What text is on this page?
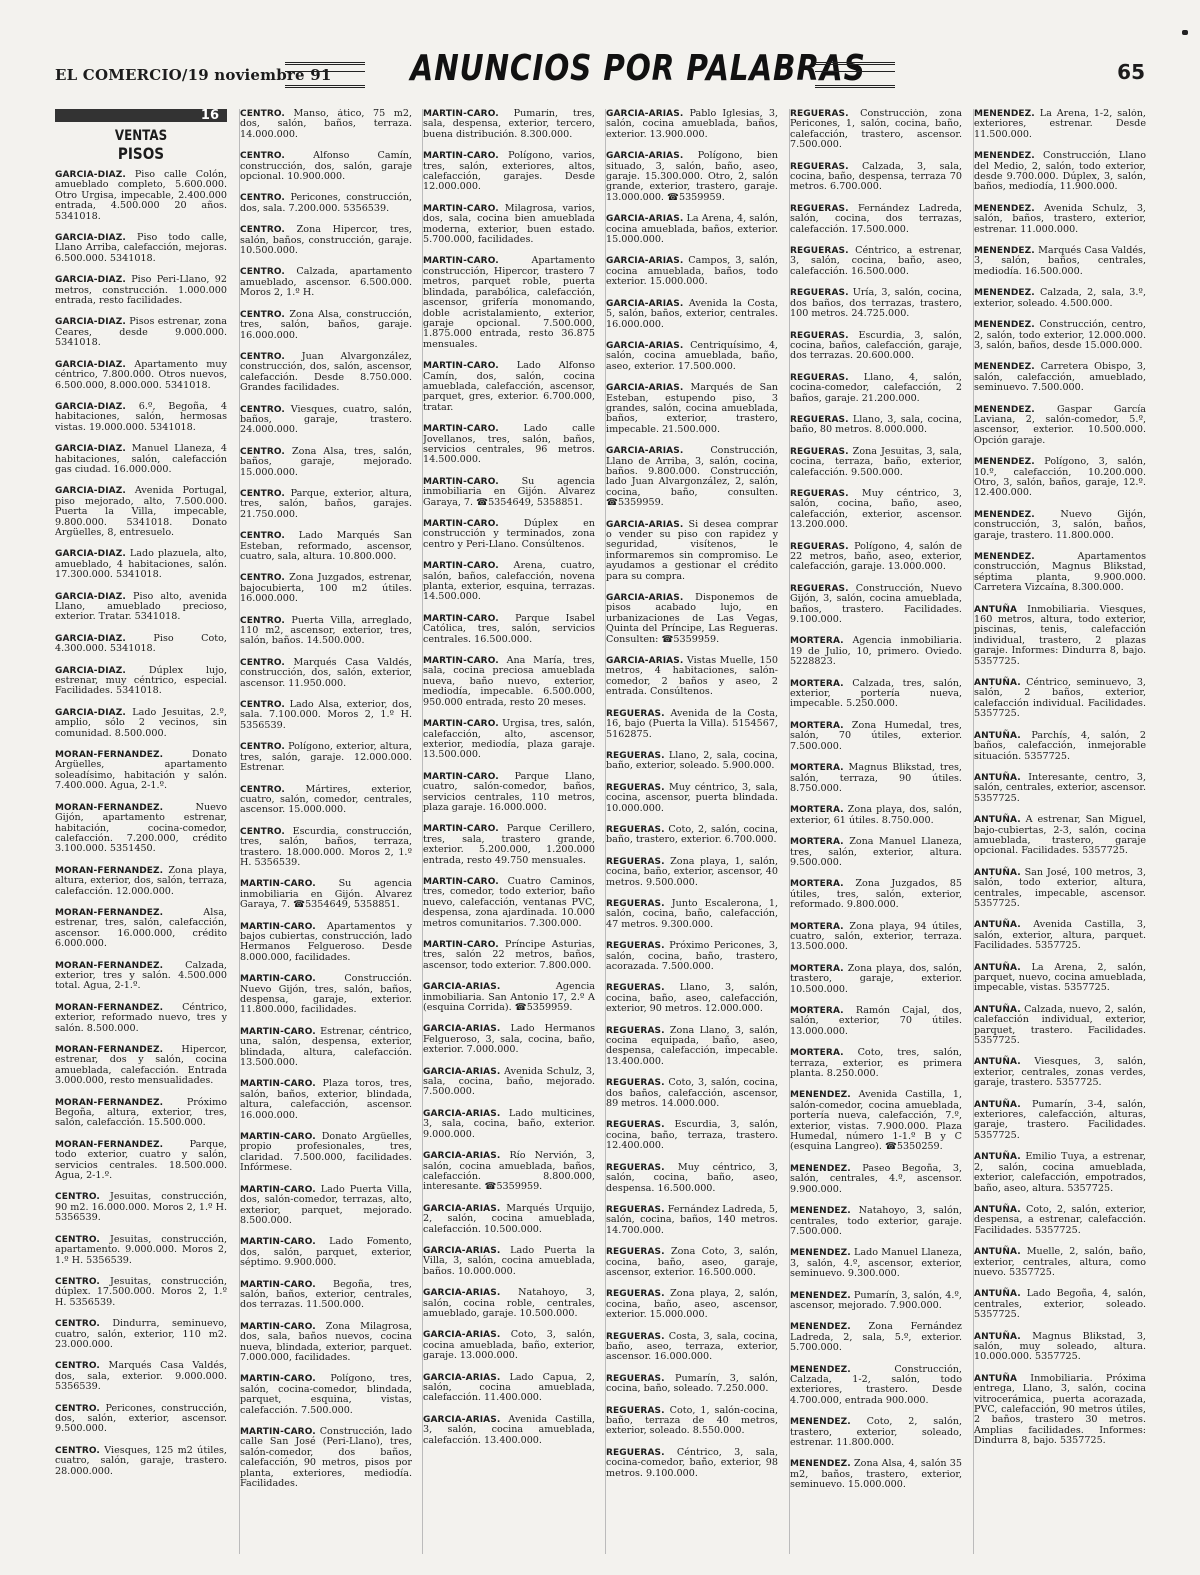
EL COMERCIO/19 noviembre 91 ANUNCIOS POR PALABRAS	65
16
VENTAS
PISOS

GARCIA-DIAZ. Piso calle Colón, amueblado completo, 5.600.000. Otro Urgisa, impecable, 2.400.000 entrada, 4.500.000 20 años. 5341018.

GARCIA-DIAZ. Piso todo calle, Llano Arriba, calefacción, mejoras. 6.500.000. 5341018.

GARCIA-DIAZ. Piso Peri-Llano, 92 metros, construcción. 1.000.000 entrada, resto facilidades.

GARCIA-DIAZ. Pisos estrenar, zona Ceares, desde 9.000.000. 5341018.

GARCIA-DIAZ. Apartamento muy céntrico, 7.800.000. Otros nuevos, 6.500.000, 8.000.000. 5341018.

GARCIA-DIAZ. 6.º, Begoña, 4 habitaciones, salón, hermosas vistas. 19.000.000. 5341018.

GARCIA-DIAZ. Manuel Llaneza, 4 habitaciones, salón, calefacción gas ciudad. 16.000.000.

GARCIA-DIAZ. Avenida Portugal, piso mejorado, alto, 7.500.000. Puerta la Villa, impecable, 9.800.000. 5341018. Donato Argüelles, 8, entresuelo.

GARCIA-DIAZ. Lado plazuela, alto, amueblado, 4 habitaciones, salón. 17.300.000. 5341018.

GARCIA-DIAZ. Piso alto, avenida Llano, amueblado precioso, exterior. Tratar. 5341018.

GARCIA-DIAZ.	Piso Coto, 4.300.000. 5341018.

GARCIA-DIAZ. Dúplex lujo, estrenar, muy céntrico, especial. Facilidades. 5341018.

GARCIA-DIAZ. Lado Jesuitas, 2.º, amplio, sólo 2 vecinos, sin comunidad. 8.500.000.

MORAN-FERNANDEZ.	Donato Argüelles, apartamento soleadísimo, habitación y salón. 7.400.000. Agua, 2-1.º.

MORAN-FERNANDEZ.	Nuevo Gijón, apartamento estrenar, habitación, cocina-comedor, calefacción. 7.200.000, crédito 3.100.000. 5351450.

MORAN-FERNANDEZ. Zona playa, altura, exterior, dos, salón, terraza, calefacción. 12.000.000.

MORAN-FERNANDEZ.	Alsa, estrenar, tres, salón, calefacción, ascensor. 16.000.000, crédito 6.000.000.

MORAN-FERNANDEZ. Calzada, exterior, tres y salón. 4.500.000 total. Agua, 2-1.º.

MORAN-FERNANDEZ. Céntrico, exterior, reformado nuevo, tres y salón. 8.500.000.

MORAN-FERNANDEZ. Hipercor, estrenar, dos y salón, cocina amueblada, calefacción. Entrada 3.000.000, resto mensualidades.

MORAN-FERNANDEZ. Próximo Begoña, altura, exterior, tres, salón, calefacción. 15.500.000.

MORAN-FERNANDEZ.	Parque, todo exterior, cuatro y salón, servicios centrales. 18.500.000. Agua, 2-1.º.

CENTRO. Jesuitas, construcción, 90 m2. 16.000.000. Moros 2, 1.º H. 5356539.

CENTRO. Jesuitas, construcción, apartamento. 9.000.000. Moros 2, 1.º H. 5356539.

CENTRO. Jesuitas, construcción, dúplex. 17.500.000. Moros 2, 1.º H. 5356539.

CENTRO. Dindurra, seminuevo, cuatro, salón, exterior, 110 m2. 23.000.000.

CENTRO. Marqués Casa Valdés, dos, sala, exterior. 9.000.000. 5356539.

CENTRO. Pericones, construcción, dos, salón, exterior, ascensor. 9.500.000.

CENTRO. Viesques, 125 m2 útiles, cuatro, salón, garaje, trastero. 28.000.000.

CENTRO. Manso, ático, 75 m2, dos, salón, baños, terraza. 14.000.000.

CENTRO.	Alfonso Camín, construcción, dos, salón, garaje opcional. 10.900.000.

CENTRO. Pericones, construcción, dos, sala. 7.200.000. 5356539.

CENTRO. Zona Hipercor, tres, salón, baños, construcción, garaje. 10.500.000.

CENTRO. Calzada, apartamento amueblado, ascensor. 6.500.000. Moros 2, 1.º H.

CENTRO. Zona Alsa, construcción, tres, salón, baños, garaje. 16.000.000.

CENTRO. Juan Alvargonzález, construcción, dos, salón, ascensor, calefacción. Desde 8.750.000. Grandes facilidades.

CENTRO. Viesques, cuatro, salón, baños, garaje, trastero. 24.000.000.

CENTRO. Zona Alsa, tres, salón, baños, garaje, mejorado. 15.000.000.

CENTRO. Parque, exterior, altura, tres, salón, baños, garajes. 21.750.000.

CENTRO. Lado Marqués San Esteban, reformado, ascensor, cuatro, sala, altura. 10.800.000.

CENTRO. Zona Juzgados, estrenar, bajocubierta, 100 m2 útiles. 16.000.000.

CENTRO. Puerta Villa, arreglado, 110 m2, ascensor, exterior, tres, salón, baños. 14.500.000.

CENTRO. Marqués Casa Valdés, construcción, dos, salón, exterior, ascensor. 11.950.000.

CENTRO. Lado Alsa, exterior, dos, sala. 7.100.000. Moros 2, 1.º H. 5356539.

CENTRO. Polígono, exterior, altura, tres, salón, garaje. 12.000.000. Estrenar.

CENTRO. Mártires, exterior, cuatro, salón, comedor, centrales, ascensor. 15.000.000.

CENTRO. Escurdia, construcción, tres, salón, baños, terraza, trastero. 18.000.000. Moros 2, 1.º H. 5356539.

MARTIN-CARO. Su agencia inmobiliaria en Gijón. Alvarez Garaya, 7. ☎5354649, 5358851.

MARTIN-CARO. Apartamentos y bajos cubiertas, construcción, lado Hermanos Felgueroso. Desde 8.000.000, facilidades.

MARTIN-CARO.	Construcción. Nuevo Gijón, tres, salón, baños, despensa, garaje, exterior. 11.800.000, facilidades.

MARTIN-CARO. Estrenar, céntrico, una, salón, despensa, exterior, blindada, altura, calefacción. 13.500.000.

MARTIN-CARO. Plaza toros, tres, salón, baños, exterior, blindada, altura, calefacción, ascensor. 16.000.000.

MARTIN-CARO. Donato Argüelles, propio profesionales, tres, claridad. 7.500.000, facilidades. Infórmese.

MARTIN-CARO. Lado Puerta Villa, dos, salón-comedor, terrazas, alto, exterior, parquet, mejorado. 8.500.000.

MARTIN-CARO. Lado Fomento, dos, salón, parquet, exterior, séptimo. 9.900.000.

MARTIN-CARO. Begoña, tres, salón, baños, exterior, centrales, dos terrazas. 11.500.000.

MARTIN-CARO. Zona Milagrosa, dos, sala, baños nuevos, cocina nueva, blindada, exterior, parquet. 7.000.000, facilidades.

MARTIN-CARO. Polígono, tres, salón, cocina-comedor, blindada, parquet, esquina, vistas, calefacción. 7.500.000.

MARTIN-CARO. Construcción, lado calle San José (Peri-Llano), tres, salón-comedor, dos baños, calefacción, 90 metros, pisos por planta, exteriores, mediodía. Facilidades.

MARTIN-CARO. Pumarín, tres, sala, despensa, exterior, tercero, buena distribución. 8.300.000.

MARTIN-CARO. Polígono, varios, tres, salón, exteriores, altos, calefacción, garajes. Desde 12.000.000.

MARTIN-CARO. Milagrosa, varios, dos, sala, cocina bien amueblada moderna, exterior, buen estado. 5.700.000, facilidades.

MARTIN-CARO.	Apartamento construcción, Hipercor, trastero 7 metros, parquet roble, puerta blindada, parabólica, calefacción, ascensor, grifería monomando, doble acristalamiento, exterior, garaje opcional. 7.500.000, 1.875.000 entrada, resto 36.875 mensuales.

MARTIN-CARO. Lado Alfonso Camín, dos, salón, cocina amueblada, calefacción, ascensor, parquet, gres, exterior. 6.700.000, tratar.

MARTIN-CARO.	Lado calle Jovellanos, tres, salón, baños, servicios centrales, 96 metros. 14.500.000.

MARTIN-CARO. Su agencia inmobiliaria en Gijón. Alvarez Garaya, 7. ☎5354649, 5358851.

MARTIN-CARO.	Dúplex en construcción y terminados, zona centro y Peri-Llano. Consúltenos.

MARTIN-CARO. Arena, cuatro, salón, baños, calefacción, novena planta, exterior, esquina, terrazas. 14.500.000.

MARTIN-CARO. Parque Isabel Católica, tres, salón, servicios centrales. 16.500.000.

MARTIN-CARO. Ana María, tres, sala, cocina preciosa amueblada nueva, baño nuevo, exterior, mediodía, impecable. 6.500.000, 950.000 entrada, resto 20 meses.

MARTIN-CARO. Urgisa, tres, salón, calefacción, alto, ascensor, exterior, mediodía, plaza garaje. 13.500.000.

MARTIN-CARO. Parque Llano, cuatro, salón-comedor, baños, servicios centrales, 110 metros, plaza garaje. 16.000.000.

MARTIN-CARO. Parque Cerillero, tres, sala, trastero grande, exterior. 5.200.000, 1.200.000 entrada, resto 49.750 mensuales.

MARTIN-CARO. Cuatro Caminos, tres, comedor, todo exterior, baño nuevo, calefacción, ventanas PVC, despensa, zona ajardinada. 10.000 metros comunitarios. 7.300.000.

MARTIN-CARO. Príncipe Asturias, tres, salón 22 metros, baños, ascensor, todo exterior. 7.800.000.

GARCIA-ARIAS.	Agencia inmobiliaria. San Antonio 17, 2.º A (esquina Corrida). ☎5359959.

GARCIA-ARIAS. Lado Hermanos Felgueroso, 3, sala, cocina, baño, exterior. 7.000.000.

GARCIA-ARIAS. Avenida Schulz, 3, sala, cocina, baño, mejorado. 7.500.000.

GARCIA-ARIAS. Lado multicines, 3, sala, cocina, baño, exterior. 9.000.000.

GARCIA-ARIAS. Río Nervión, 3, salón, cocina amueblada, baños, calefacción. 8.800.000, interesante. ☎5359959.

GARCIA-ARIAS. Marqués Urquijo, 2, salón, cocina amueblada, calefacción. 10.500.000.

GARCIA-ARIAS. Lado Puerta la Villa, 3, salón, cocina amueblada, baños. 10.000.000.

GARCIA-ARIAS. Natahoyo, 3, salón, cocina roble, centrales, amueblado, garaje. 10.500.000.

GARCIA-ARIAS. Coto, 3, salón, cocina amueblada, baño, exterior, garaje. 13.000.000.

GARCIA-ARIAS. Lado Capua, 2, salón, cocina amueblada, calefacción. 11.400.000.

GARCIA-ARIAS. Avenida Castilla, 3, salón, cocina amueblada, calefacción. 13.400.000.

GARCIA-ARIAS. Pablo Iglesias, 3, salón, cocina amueblada, baños, exterior. 13.900.000.

GARCIA-ARIAS. Polígono, bien situado, 3, salón, baño, aseo, garaje. 15.300.000. Otro, 2, salón grande, exterior, trastero, garaje. 13.000.000. ☎5359959.

GARCIA-ARIAS. La Arena, 4, salón, cocina amueblada, baños, exterior. 15.000.000.

GARCIA-ARIAS. Campos, 3, salón, cocina amueblada, baños, todo exterior. 15.000.000.

GARCIA-ARIAS. Avenida la Costa, 5, salón, baños, exterior, centrales. 16.000.000.

GARCIA-ARIAS. Centriquísimo, 4, salón, cocina amueblada, baño, aseo, exterior. 17.500.000.

GARCIA-ARIAS. Marqués de San Esteban, estupendo piso, 3 grandes, salón, cocina amueblada, baños, exterior, trastero, impecable. 21.500.000.

GARCIA-ARIAS.	Construcción, Llano de Arriba, 3, salón, cocina, baños. 9.800.000. Construcción, lado Juan Alvargonzález, 2, salón, cocina, baño, consulten. ☎5359959.

GARCIA-ARIAS. Si desea comprar o vender su piso con rapidez y seguridad, visítenos, le informaremos sin compromiso. Le ayudamos a gestionar el crédito para su compra.

GARCIA-ARIAS. Disponemos de pisos acabado lujo, en urbanizaciones de Las Vegas, Quinta del Príncipe, Las Regueras. Consulten: ☎5359959.

GARCIA-ARIAS. Vistas Muelle, 150 metros, 4 habitaciones, salón-comedor, 2 baños y aseo, 2 entrada. Consúltenos.

REGUERAS. Avenida de la Costa, 16, bajo (Puerta la Villa). 5154567, 5162875.

REGUERAS. Llano, 2, sala, cocina, baño, exterior, soleado. 5.900.000.

REGUERAS. Muy céntrico, 3, sala, cocina, ascensor, puerta blindada. 10.000.000.

REGUERAS. Coto, 2, salón, cocina, baño, trastero, exterior. 6.700.000.

REGUERAS. Zona playa, 1, salón, cocina, baño, exterior, ascensor, 40 metros. 9.500.000.

REGUERAS. Junto Escalerona, 1, salón, cocina, baño, calefacción, 47 metros. 9.300.000.

REGUERAS. Próximo Pericones, 3, salón, cocina, baño, trastero, acorazada. 7.500.000.

REGUERAS. Llano, 3, salón, cocina, baño, aseo, calefacción, exterior, 90 metros. 12.000.000.

REGUERAS. Zona Llano, 3, salón, cocina equipada, baño, aseo, despensa, calefacción, impecable. 13.400.000.

REGUERAS. Coto, 3, salón, cocina, dos baños, calefacción, ascensor, 89 metros. 14.000.000.

REGUERAS. Escurdia, 3, salón, cocina, baño, terraza, trastero. 12.400.000.

REGUERAS. Muy céntrico, 3, salón, cocina, baño, aseo, despensa. 16.500.000.

REGUERAS. Fernández Ladreda, 5, salón, cocina, baños, 140 metros. 14.700.000.

REGUERAS. Zona Coto, 3, salón, cocina, baño, aseo, garaje, ascensor, exterior. 16.500.000.

REGUERAS. Zona playa, 2, salón, cocina, baño, aseo, ascensor, exterior. 15.000.000.

REGUERAS. Costa, 3, sala, cocina, baño, aseo, terraza, exterior, ascensor. 16.000.000.

REGUERAS. Pumarín, 3, salón, cocina, baño, soleado. 7.250.000.

REGUERAS. Coto, 1, salón-cocina, baño, terraza de 40 metros, exterior, soleado. 8.550.000.

REGUERAS. Céntrico, 3, sala, cocina-comedor, baño, exterior, 98 metros. 9.100.000.

REGUERAS. Construcción, zona Pericones, 1, salón, cocina, baño, calefacción, trastero, ascensor. 7.500.000.

REGUERAS. Calzada, 3, sala, cocina, baño, despensa, terraza 70 metros. 6.700.000.

REGUERAS. Fernández Ladreda, salón, cocina, dos terrazas, calefacción. 17.500.000.

REGUERAS. Céntrico, a estrenar, 3, salón, cocina, baño, aseo, calefacción. 16.500.000.

REGUERAS. Uría, 3, salón, cocina, dos baños, dos terrazas, trastero, 100 metros. 24.725.000.

REGUERAS. Escurdia, 3, salón, cocina, baños, calefacción, garaje, dos terrazas. 20.600.000.

REGUERAS. Llano, 4, salón, cocina-comedor, calefacción, 2 baños, garaje. 21.200.000.

REGUERAS. Llano, 3, sala, cocina, baño, 80 metros. 8.000.000.

REGUERAS. Zona Jesuitas, 3, sala, cocina, terraza, baño, exterior, calefacción. 9.500.000.

REGUERAS. Muy céntrico, 3, salón, cocina, baño, aseo, calefacción, exterior, ascensor. 13.200.000.

REGUERAS. Polígono, 4, salón de 22 metros, baño, aseo, exterior, calefacción, garaje. 13.000.000.

REGUERAS. Construcción, Nuevo Gijón, 3, salón, cocina amueblada, baños, trastero. Facilidades. 9.100.000.

MORTERA. Agencia inmobiliaria. 19 de Julio, 10, primero. Oviedo. 5228823.

MORTERA. Calzada, tres, salón, exterior, portería nueva, impecable. 5.250.000.

MORTERA. Zona Humedal, tres, salón, 70 útiles, exterior. 7.500.000.

MORTERA. Magnus Blikstad, tres, salón, terraza, 90 útiles. 8.750.000.

MORTERA. Zona playa, dos, salón, exterior, 61 útiles. 8.750.000.

MORTERA. Zona Manuel Llaneza, tres, salón, exterior, altura. 9.500.000.

MORTERA. Zona Juzgados, 85 útiles, tres, salón, exterior, reformado. 9.800.000.

MORTERA. Zona playa, 94 útiles, cuatro, salón, exterior, terraza. 13.500.000.

MORTERA. Zona playa, dos, salón, trastero, garaje, exterior. 10.500.000.

MORTERA. Ramón Cajal, dos, salón, exterior, 70 útiles. 13.000.000.

MORTERA. Coto, tres, salón, terraza, exterior, es primera planta. 8.250.000.

MENENDEZ. Avenida Castilla, 1, salón-comedor, cocina amueblada, portería nueva, calefacción, 7.º, exterior, vistas. 7.900.000. Plaza Humedal, número 1-1.º B y C (esquina Langreo). ☎5350259.

MENENDEZ. Paseo Begoña, 3, salón, centrales, 4.º, ascensor. 9.900.000.

MENENDEZ. Natahoyo, 3, salón, centrales, todo exterior, garaje. 7.500.000.

MENENDEZ. Lado Manuel Llaneza, 3, salón, 4.º, ascensor, exterior, seminuevo. 9.300.000.

MENENDEZ. Pumarín, 3, salón, 4.º, ascensor, mejorado. 7.900.000.

MENENDEZ. Zona Fernández Ladreda, 2, sala, 5.º, exterior. 5.700.000.

MENENDEZ.	Construcción, Calzada, 1-2, salón, todo exteriores, trastero. Desde 4.700.000, entrada 900.000.

MENENDEZ. Coto, 2, salón, trastero, exterior, soleado, estrenar. 11.800.000.

MENENDEZ. Zona Alsa, 4, salón 35 m2, baños, trastero, exterior, seminuevo. 15.000.000.

MENENDEZ. La Arena, 1-2, salón, exteriores, estrenar. Desde 11.500.000.

MENENDEZ. Construcción, Llano del Medio, 2, salón, todo exterior, desde 9.700.000. Dúplex, 3, salón, baños, mediodía, 11.900.000.

MENENDEZ. Avenida Schulz, 3, salón, baños, trastero, exterior, estrenar. 11.000.000.

MENENDEZ. Marqués Casa Valdés, 3, salón, baños, centrales, mediodía. 16.500.000.

MENENDEZ. Calzada, 2, sala, 3.º, exterior, soleado. 4.500.000.

MENENDEZ. Construcción, centro, 2, salón, todo exterior, 12.000.000. 3, salón, baños, desde 15.000.000.

MENENDEZ. Carretera Obispo, 3, salón, calefacción, amueblado, seminuevo. 7.500.000.

MENENDEZ. Gaspar García Laviana, 2, salón-comedor, 5.º, ascensor, exterior. 10.500.000. Opción garaje.

MENENDEZ. Polígono, 3, salón, 10.º, calefacción, 10.200.000. Otro, 3, salón, baños, garaje, 12.º. 12.400.000.

MENENDEZ.	Nuevo Gijón, construcción, 3, salón, baños, garaje, trastero. 11.800.000.

MENENDEZ.	Apartamentos construcción, Magnus Blikstad, séptima planta, 9.900.000. Carretera Vizcaína, 8.300.000.

ANTUÑA Inmobiliaria. Viesques, 160 metros, altura, todo exterior, piscinas, tenis, calefacción individual, trastero, 2 plazas garaje. Informes: Dindurra 8, bajo. 5357725.

ANTUÑA. Céntrico, seminuevo, 3, salón, 2 baños, exterior, calefacción individual. Facilidades. 5357725.

ANTUÑA. Parchís, 4, salón, 2 baños, calefacción, inmejorable situación. 5357725.

ANTUÑA. Interesante, centro, 3, salón, centrales, exterior, ascensor. 5357725.

ANTUÑA. A estrenar, San Miguel, bajo-cubiertas, 2-3, salón, cocina amueblada, trastero, garaje opcional. Facilidades. 5357725.

ANTUÑA. San José, 100 metros, 3, salón, todo exterior, altura, centrales, impecable, ascensor. 5357725.

ANTUÑA. Avenida Castilla, 3, salón, exterior, altura, parquet. Facilidades. 5357725.

ANTUÑA. La Arena, 2, salón, parquet, nuevo, cocina amueblada, impecable, vistas. 5357725.

ANTUÑA. Calzada, nuevo, 2, salón, calefacción individual, exterior, parquet, trastero. Facilidades. 5357725.

ANTUÑA. Viesques, 3, salón, exterior, centrales, zonas verdes, garaje, trastero. 5357725.

ANTUÑA. Pumarín, 3-4, salón, exteriores, calefacción, alturas, garaje, trastero. Facilidades. 5357725.

ANTUÑA. Emilio Tuya, a estrenar, 2, salón, cocina amueblada, exterior, calefacción, empotrados, baño, aseo, altura. 5357725.

ANTUÑA. Coto, 2, salón, exterior, despensa, a estrenar, calefacción. Facilidades. 5357725.

ANTUÑA. Muelle, 2, salón, baño, exterior, centrales, altura, como nuevo. 5357725.

ANTUÑA. Lado Begoña, 4, salón, centrales, exterior, soleado. 5357725.

ANTUÑA. Magnus Blikstad, 3, salón, muy soleado, altura. 10.000.000. 5357725.

ANTUÑA Inmobiliaria. Próxima entrega, Llano, 3, salón, cocina vitrocerámica, puerta acorazada, PVC, calefacción, 90 metros útiles, 2 baños, trastero 30 metros. Amplias facilidades. Informes: Dindurra 8, bajo. 5357725.
